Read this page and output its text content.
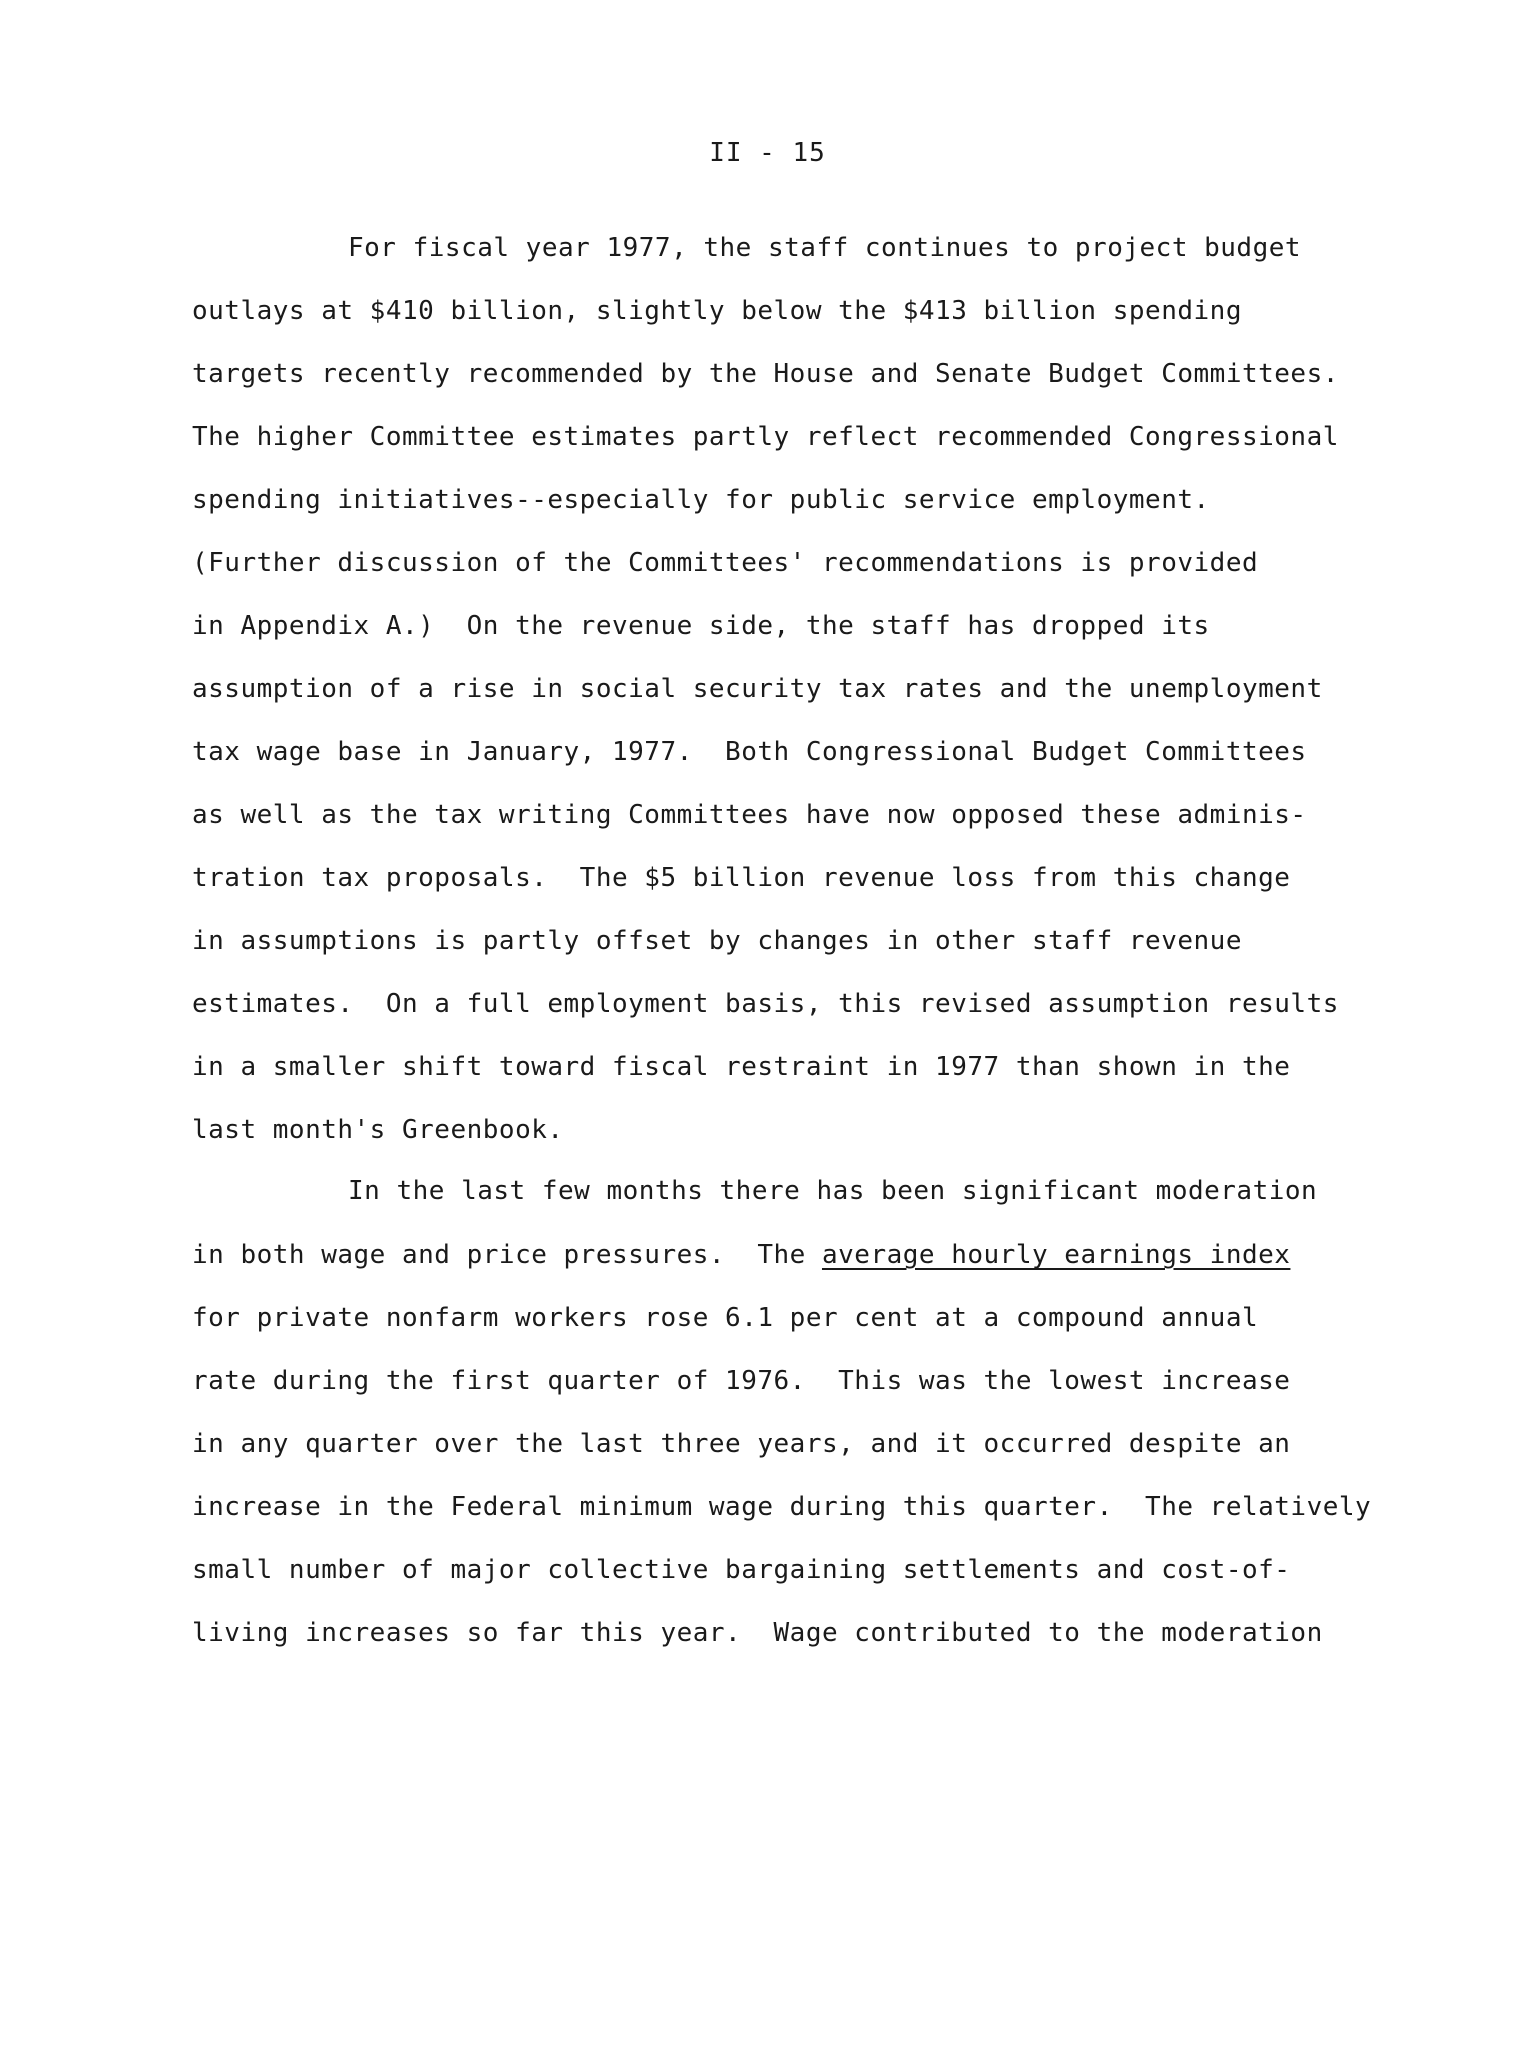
II - 15
For fiscal year 1977, the staff continues to project budget
outlays at $410 billion, slightly below the $413 billion spending
targets recently recommended by the House and Senate Budget Committees.
The higher Committee estimates partly reflect recommended Congressional
spending initiatives--especially for public service employment.
(Further discussion of the Committees' recommendations is provided
in Appendix A.)  On the revenue side, the staff has dropped its
assumption of a rise in social security tax rates and the unemployment
tax wage base in January, 1977.  Both Congressional Budget Committees
as well as the tax writing Committees have now opposed these adminis-
tration tax proposals.  The $5 billion revenue loss from this change
in assumptions is partly offset by changes in other staff revenue
estimates.  On a full employment basis, this revised assumption results
in a smaller shift toward fiscal restraint in 1977 than shown in the
last month's Greenbook.
In the last few months there has been significant moderation
in both wage and price pressures.  The average hourly earnings index
for private nonfarm workers rose 6.1 per cent at a compound annual
rate during the first quarter of 1976.  This was the lowest increase
in any quarter over the last three years, and it occurred despite an
increase in the Federal minimum wage during this quarter.  The relatively
small number of major collective bargaining settlements and cost-of-
living increases so far this year.  Wage contributed to the moderation
